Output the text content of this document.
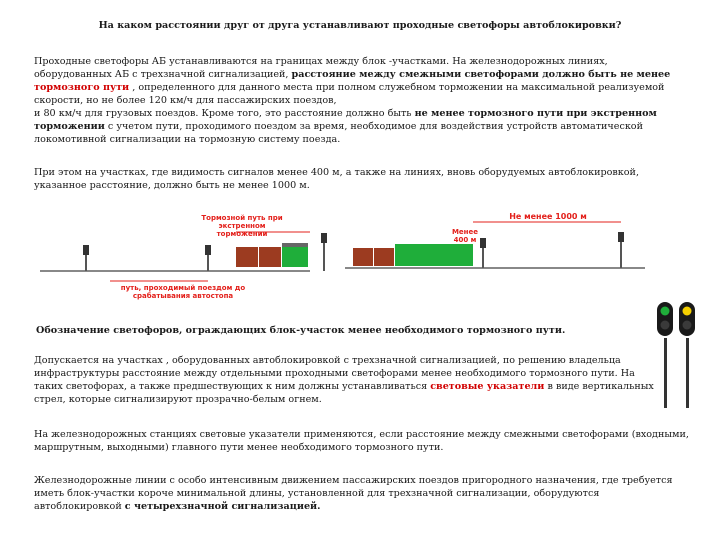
На каком расстоянии друг от друга устанавливают проходные светофоры автоблокировки?
Проходные светофоры АБ устанавливаются на границах между блок -участками. На железнодорожных линиях, оборудованных АБ с трехзначной сигнализацией, расстояние между смежными светофорами должно быть не менее тормозного пути , определенного для данного места при полном служебном торможении на максимальной реализуемой скорости, но не более 120 км/ч для пассажирских поездов,
и 80 км/ч для грузовых поездов. Кроме того, это расстояние должно быть не менее тормозного пути при экстренном торможении с учетом пути, проходимого поездом за время, необходимое для воздействия устройств автоматической локомотивной сигнализации на тормозную систему поезда.
При этом на участках, где видимость сигналов менее 400 м, а также на линиях, вновь оборудуемых автоблокировкой, указанное расстояние, должно быть не менее 1000 м.
Тормозной путь при экстренном торможении
путь, проходимый поездом до срабатывания автостопа
Менее 400 м
Не менее 1000 м
Обозначение светофоров, ограждающих блок-участок менее необходимого тормозного пути.
Допускается на участках , оборудованных автоблокировкой с трехзначной сигнализацией, по решению владельца инфраструктуры расстояние между отдельными проходными светофорами менее необходимого тормозного пути. На таких светофорах, а также предшествующих к ним должны устанавливаться световые указатели в виде вертикальных стрел, которые сигнализируют прозрачно-белым огнем.
На железнодорожных станциях световые указатели применяются, если расстояние между смежными светофорами (входными, маршрутным, выходными) главного пути менее необходимого тормозного пути.
Железнодорожные линии с особо интенсивным движением пассажирских поездов пригородного назначения, где требуется иметь блок-участки короче минимальной длины, установленной для трехзначной сигнализации, оборудуются автоблокировкой с четырехзначной сигнализацией.
